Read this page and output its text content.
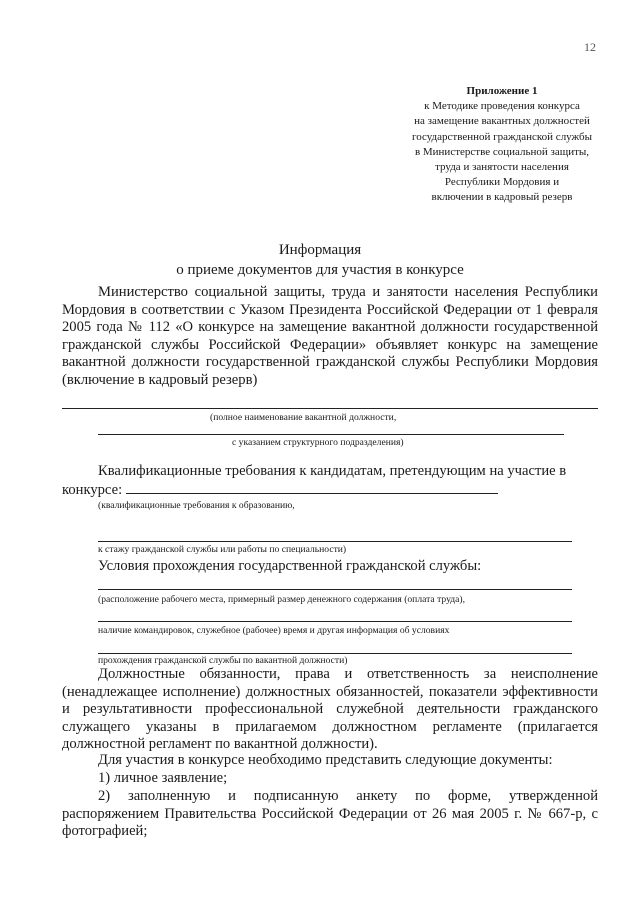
12
Приложение 1
к Методике проведения конкурса
на замещение вакантных должностей
государственной гражданской службы
в Министерстве социальной защиты,
труда и занятости населения
Республики Мордовия и
включении в кадровый резерв
Информация
о приеме документов для участия в конкурсе
Министерство социальной защиты, труда и занятости населения Республики Мордовия в соответствии с Указом Президента Российской Федерации от 1 февраля 2005 года № 112 «О конкурсе на замещение вакантной должности государственной гражданской службы Российской Федерации» объявляет конкурс на замещение вакантной должности государственной гражданской службы Республики Мордовия (включение в кадровый резерв)
(полное наименование вакантной должности,
с указанием структурного подразделения)
Квалификационные требования к кандидатам, претендующим на участие в
конкурсе:
(квалификационные требования к образованию,
к стажу гражданской службы или работы по специальности)
Условия прохождения государственной гражданской службы:
(расположение рабочего места, примерный размер денежного содержания (оплата труда),
наличие командировок, служебное (рабочее) время и другая информация об условиях
прохождения гражданской службы по вакантной должности)
Должностные обязанности, права и ответственность за неисполнение (ненадлежащее исполнение) должностных обязанностей, показатели эффективности и результативности профессиональной служебной деятельности гражданского служащего указаны в прилагаемом должностном регламенте (прилагается должностной регламент по вакантной должности).
Для участия в конкурсе необходимо представить следующие документы:
1) личное заявление;
2) заполненную и подписанную анкету по форме, утвержденной распоряжением Правительства Российской Федерации от 26 мая 2005 г. № 667-р, с фотографией;
